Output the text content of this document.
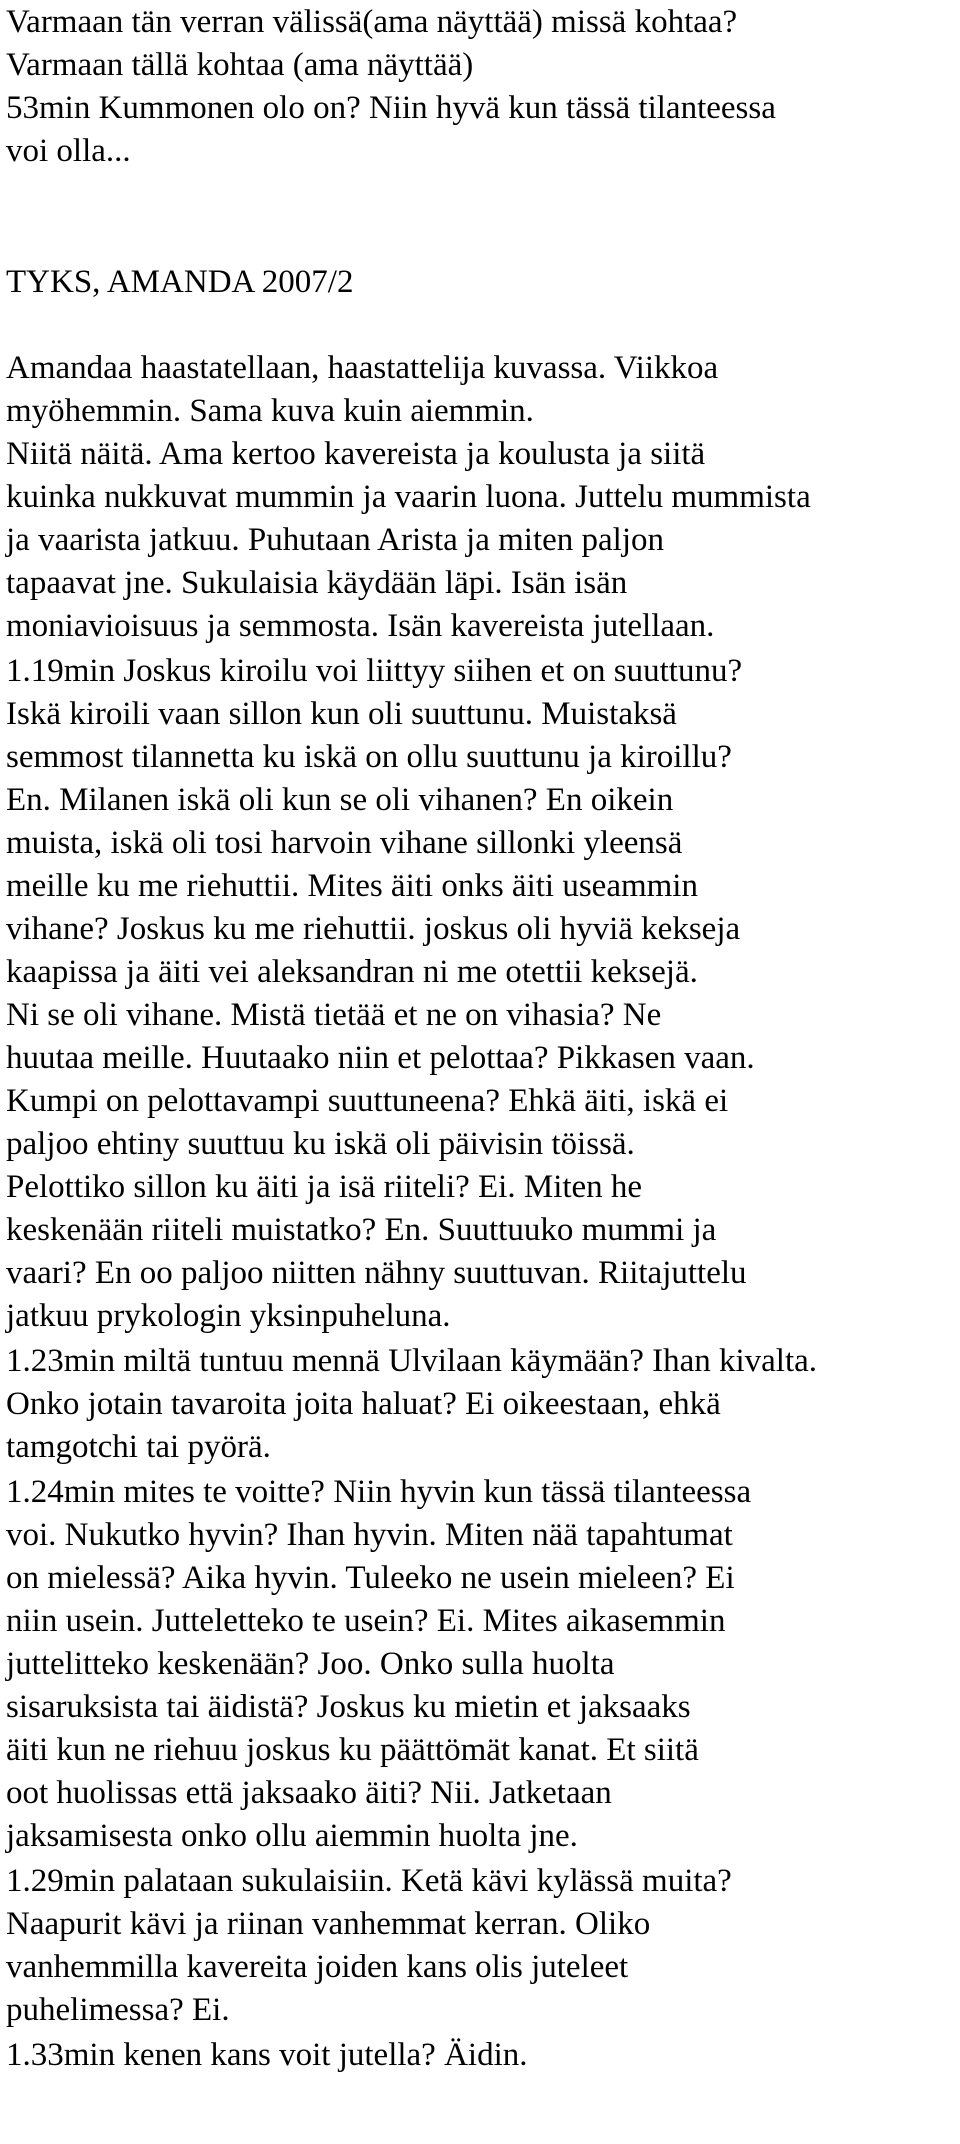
Varmaan tän verran välissä(ama näyttää) missä kohtaa?
Varmaan tällä kohtaa (ama näyttää)
53min Kummonen olo on? Niin hyvä kun tässä tilanteessa
voi olla...
TYKS, AMANDA 2007/2
Amandaa haastatellaan, haastattelija kuvassa. Viikkoa
myöhemmin. Sama kuva kuin aiemmin.
Niitä näitä. Ama kertoo kavereista ja koulusta ja siitä
kuinka nukkuvat mummin ja vaarin luona. Juttelu mummista
ja vaarista jatkuu. Puhutaan Arista ja miten paljon
tapaavat jne. Sukulaisia käydään läpi. Isän isän
moniavioisuus ja semmosta. Isän kavereista jutellaan.
1.19min Joskus kiroilu voi liittyy siihen et on suuttunu?
Iskä kiroili vaan sillon kun oli suuttunu. Muistaksä
semmost tilannetta ku iskä on ollu suuttunu ja kiroillu?
En. Milanen iskä oli kun se oli vihanen? En oikein
muista, iskä oli tosi harvoin vihane sillonki yleensä
meille ku me riehuttii. Mites äiti onks äiti useammin
vihane? Joskus ku me riehuttii. joskus oli hyviä kekseja
kaapissa ja äiti vei aleksandran ni me otettii keksejä.
Ni se oli vihane. Mistä tietää et ne on vihasia? Ne
huutaa meille. Huutaako niin et pelottaa? Pikkasen vaan.
Kumpi on pelottavampi suuttuneena? Ehkä äiti, iskä ei
paljoo ehtiny suuttuu ku iskä oli päivisin töissä.
Pelottiko sillon ku äiti ja isä riiteli? Ei. Miten he
keskenään riiteli muistatko? En. Suuttuuko mummi ja
vaari? En oo paljoo niitten nähny suuttuvan. Riitajuttelu
jatkuu prykologin yksinpuheluna.
1.23min miltä tuntuu mennä Ulvilaan käymään? Ihan kivalta.
Onko jotain tavaroita joita haluat? Ei oikeestaan, ehkä
tamgotchi tai pyörä.
1.24min mites te voitte? Niin hyvin kun tässä tilanteessa
voi. Nukutko hyvin? Ihan hyvin. Miten nää tapahtumat
on mielessä? Aika hyvin. Tuleeko ne usein mieleen? Ei
niin usein. Jutteletteko te usein? Ei. Mites aikasemmin
juttelitteko keskenään? Joo. Onko sulla huolta
sisaruksista tai äidistä? Joskus ku mietin et jaksaaks
äiti kun ne riehuu joskus ku päättömät kanat. Et siitä
oot huolissas että jaksaako äiti? Nii. Jatketaan
jaksamisesta onko ollu aiemmin huolta jne.
1.29min palataan sukulaisiin. Ketä kävi kylässä muita?
Naapurit kävi ja riinan vanhemmat kerran. Oliko
vanhemmilla kavereita joiden kans olis juteleet
puhelimessa? Ei.
1.33min kenen kans voit jutella? Äidin.
